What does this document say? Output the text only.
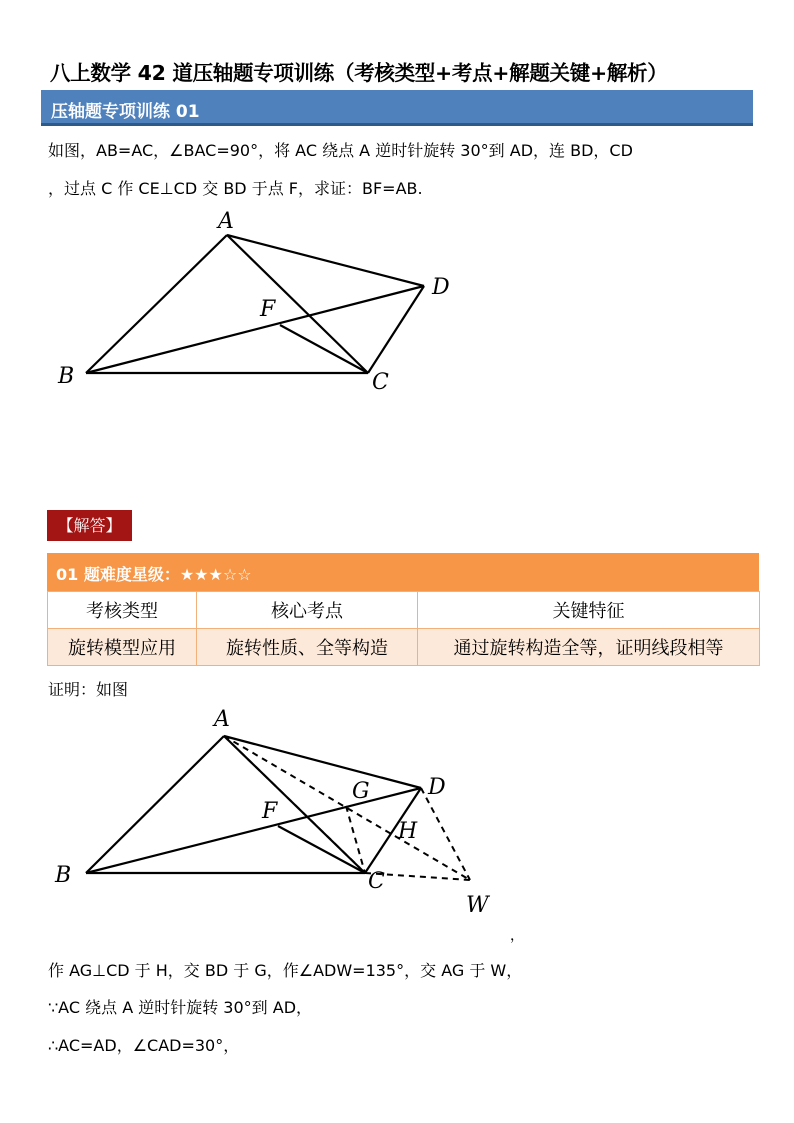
八上数学 42 道压轴题专项训练（考核类型+考点+解题关键+解析）
压轴题专项训练 01
如图，AB=AC，∠BAC=90°，将 AC 绕点 A 逆时针旋转 30°到 AD，连 BD，CD
，过点 C 作 CE⊥CD 交 BD 于点 F，求证：BF=AB.
A
B	C
D
F
【解答】
01 题难度星级：★★★☆☆
考核类型	核心考点	关键特征
旋转模型应用	旋转性质、全等构造	通过旋转构造全等，证明线段相等
证明：如图
A
B	C
D
F
G
H
W
，
作 AG⊥CD 于 H，交 BD 于 G，作∠ADW=135°，交 AG 于 W，
∵AC 绕点 A 逆时针旋转 30°到 AD，
∴AC=AD，∠CAD=30°，
